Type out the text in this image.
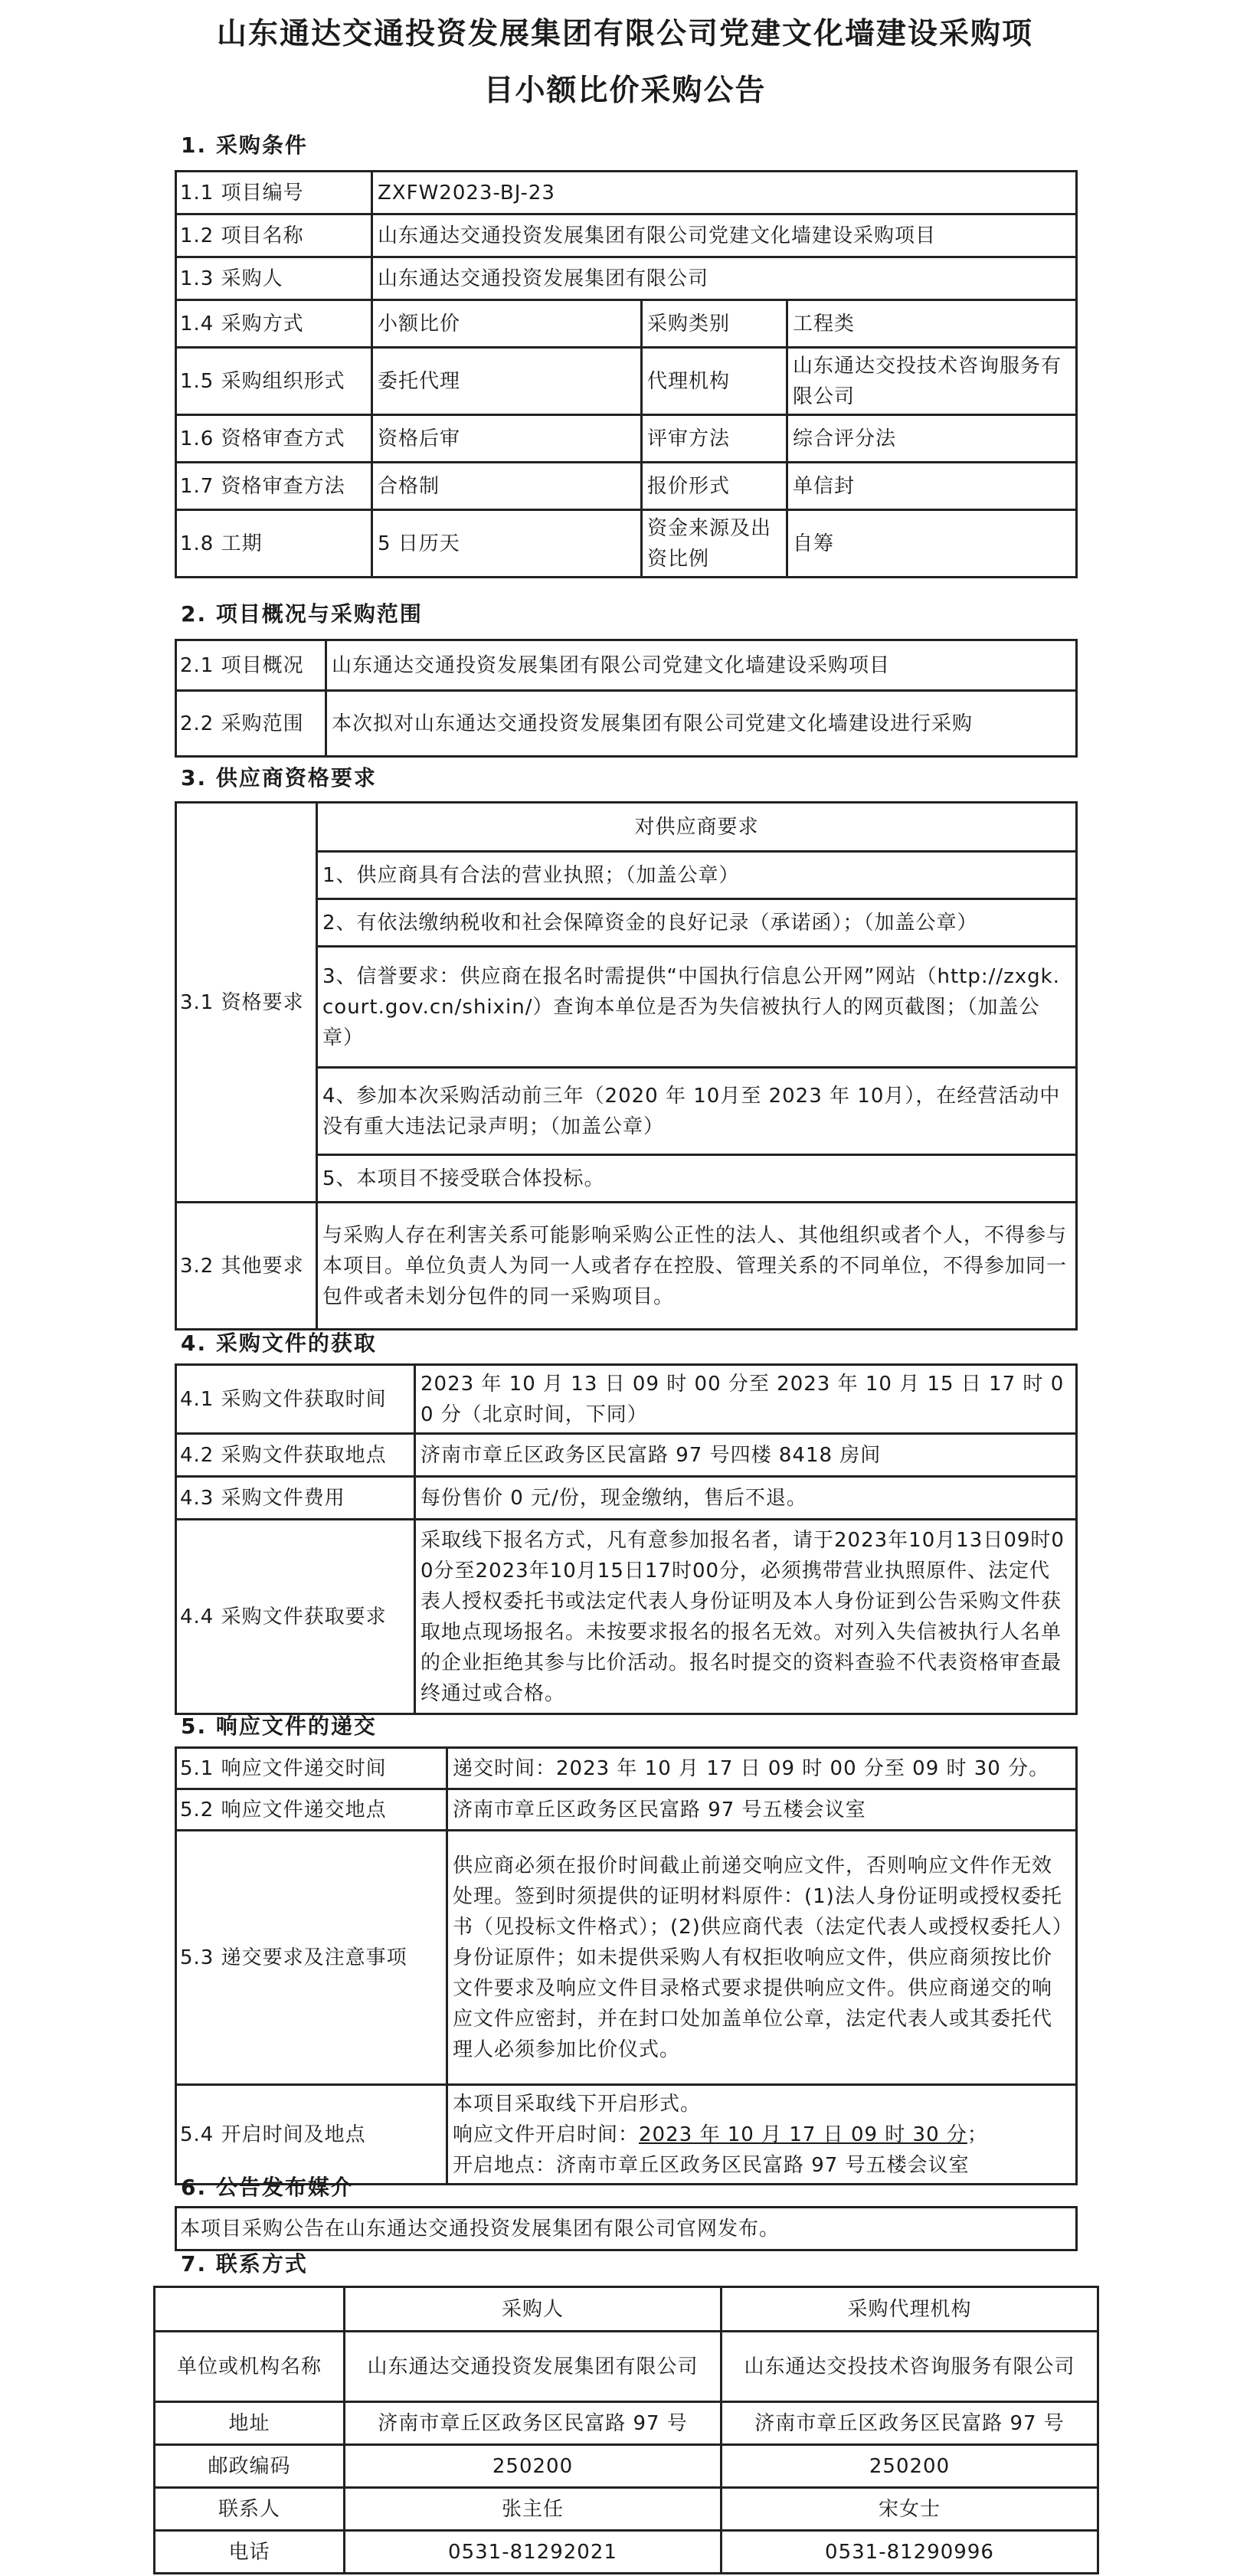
山东通达交通投资发展集团有限公司党建文化墙建设采购项
目小额比价采购公告
1. 采购条件
1.1 项目编号	ZXFW2023-BJ-23		
1.2 项目名称	山东通达交通投资发展集团有限公司党建文化墙建设采购项目		
1.3 采购人	山东通达交通投资发展集团有限公司		
1.4 采购方式	小额比价	采购类别	工程类
1.5 采购组织形式	委托代理	代理机构	山东通达交投技术咨询服务有限公司
1.6 资格审查方式	资格后审	评审方法	综合评分法
1.7 资格审查方法	合格制	报价形式	单信封
1.8 工期	5 日历天	资金来源及出资比例	自筹
2. 项目概况与采购范围
2.1 项目概况	山东通达交通投资发展集团有限公司党建文化墙建设采购项目
2.2 采购范围	本次拟对山东通达交通投资发展集团有限公司党建文化墙建设进行采购
3. 供应商资格要求
3.1 资格要求	对供应商要求
	1、供应商具有合法的营业执照；（加盖公章）
	2、有依法缴纳税收和社会保障资金的良好记录（承诺函）；（加盖公章）
	3、信誉要求：供应商在报名时需提供“中国执行信息公开网”网站（http://zxgk.court.gov.cn/shixin/）查询本单位是否为失信被执行人的网页截图；（加盖公章）
	4、参加本次采购活动前三年（2020 年 10月至 2023 年 10月），在经营活动中没有重大违法记录声明；（加盖公章）
	5、本项目不接受联合体投标。
3.2 其他要求	与采购人存在利害关系可能影响采购公正性的法人、其他组织或者个人，不得参与本项目。单位负责人为同一人或者存在控股、管理关系的不同单位，不得参加同一包件或者未划分包件的同一采购项目。
4. 采购文件的获取
4.1 采购文件获取时间	2023 年 10 月 13 日 09 时 00 分至 2023 年 10 月 15 日 17 时 00 分（北京时间，下同）
4.2 采购文件获取地点	济南市章丘区政务区民富路 97 号四楼 8418 房间
4.3 采购文件费用	每份售价 0 元/份，现金缴纳，售后不退。
4.4 采购文件获取要求	采取线下报名方式，凡有意参加报名者，请于2023年10月13日09时00分至2023年10月15日17时00分，必须携带营业执照原件、法定代表人授权委托书或法定代表人身份证明及本人身份证到公告采购文件获取地点现场报名。未按要求报名的报名无效。对列入失信被执行人名单的企业拒绝其参与比价活动。报名时提交的资料查验不代表资格审查最终通过或合格。
5. 响应文件的递交
5.1 响应文件递交时间	递交时间：2023 年 10 月 17 日 09 时 00 分至 09 时 30 分。
5.2 响应文件递交地点	济南市章丘区政务区民富路 97 号五楼会议室
5.3 递交要求及注意事项	供应商必须在报价时间截止前递交响应文件，否则响应文件作无效处理。签到时须提供的证明材料原件：(1)法人身份证明或授权委托书（见投标文件格式）；(2)供应商代表（法定代表人或授权委托人）身份证原件；如未提供采购人有权拒收响应文件，供应商须按比价文件要求及响应文件目录格式要求提供响应文件。供应商递交的响应文件应密封，并在封口处加盖单位公章，法定代表人或其委托代理人必须参加比价仪式。
5.4 开启时间及地点	本项目采取线下开启形式。
响应文件开启时间：2023 年 10 月 17 日 09 时 30 分；
开启地点：济南市章丘区政务区民富路 97 号五楼会议室
6. 公告发布媒介
本项目采购公告在山东通达交通投资发展集团有限公司官网发布。
7. 联系方式
	采购人	采购代理机构
单位或机构名称	山东通达交通投资发展集团有限公司	山东通达交投技术咨询服务有限公司
地址	济南市章丘区政务区民富路 97 号	济南市章丘区政务区民富路 97 号
邮政编码	250200	250200
联系人	张主任	宋女士
电话	0531-81292021	0531-81290996
